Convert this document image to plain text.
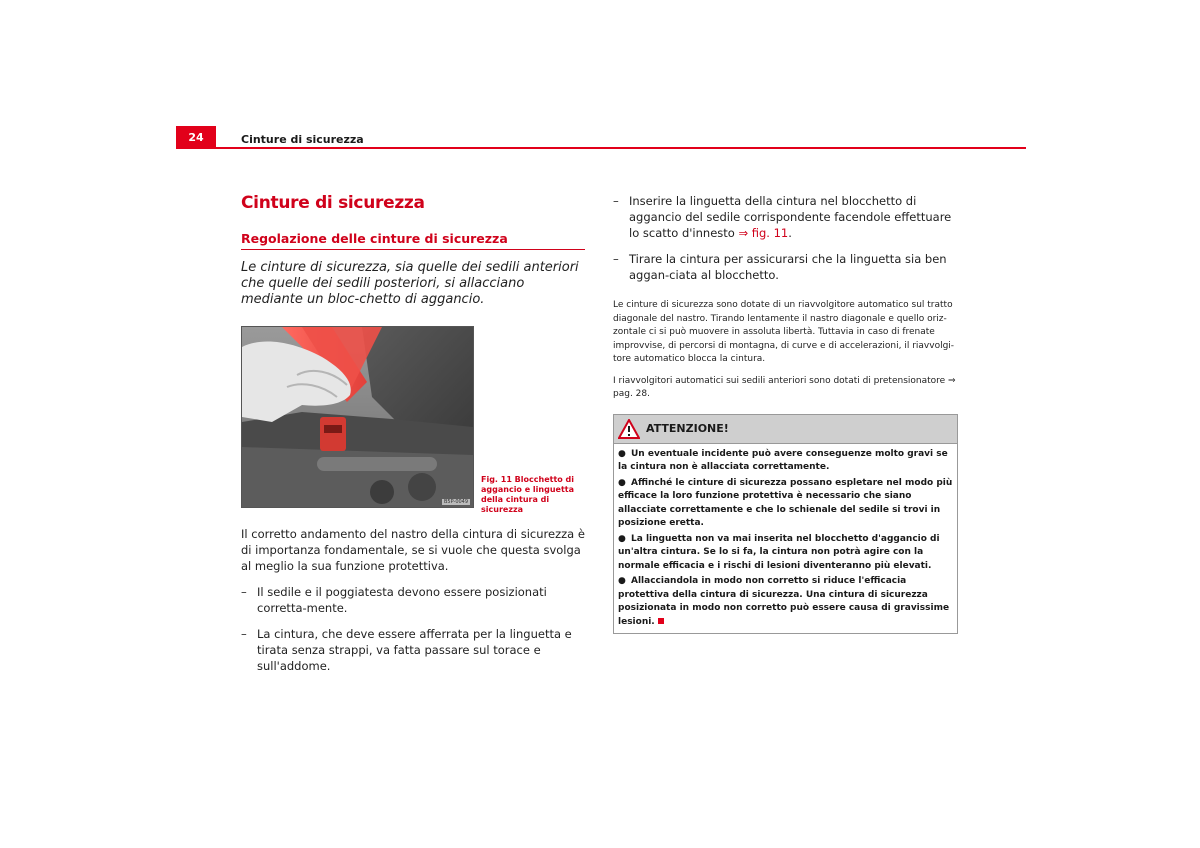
24	Cinture di sicurezza
Cinture di sicurezza
Regolazione delle cinture di sicurezza

Le cinture di sicurezza, sia quelle dei sedili anteriori che quelle dei sedili posteriori, si allacciano mediante un bloc-chetto di aggancio.

B5P-0049
Fig. 11 Blocchetto di aggancio e linguetta della cintura di sicurezza

Il corretto andamento del nastro della cintura di sicurezza è di importanza fondamentale, se si vuole che questa svolga al meglio la sua funzione protettiva.

– Il sedile e il poggiatesta devono essere posizionati corretta-mente.
– La cintura, che deve essere afferrata per la linguetta e tirata senza strappi, va fatta passare sul torace e sull'addome.
– Inserire la linguetta della cintura nel blocchetto di aggancio del sedile corrispondente facendole effettuare lo scatto d'innesto ⇒ fig. 11.
– Tirare la cintura per assicurarsi che la linguetta sia ben aggan-ciata al blocchetto.

Le cinture di sicurezza sono dotate di un riavvolgitore automatico sul tratto diagonale del nastro. Tirando lentamente il nastro diagonale e quello oriz-zontale ci si può muovere in assoluta libertà. Tuttavia in caso di frenate improvvise, di percorsi di montagna, di curve e di accelerazioni, il riavvolgi-tore automatico blocca la cintura.

I riavvolgitori automatici sui sedili anteriori sono dotati di pretensionatore ⇒ pag. 28.

ATTENZIONE!
● Un eventuale incidente può avere conseguenze molto gravi se la cintura non è allacciata correttamente.
● Affinché le cinture di sicurezza possano espletare nel modo più efficace la loro funzione protettiva è necessario che siano allacciate correttamente e che lo schienale del sedile si trovi in posizione eretta.
● La linguetta non va mai inserita nel blocchetto d'aggancio di un'altra cintura. Se lo si fa, la cintura non potrà agire con la normale efficacia e i rischi di lesioni diventeranno più elevati.
● Allacciandola in modo non corretto si riduce l'efficacia protettiva della cintura di sicurezza. Una cintura di sicurezza posizionata in modo non corretto può essere causa di gravissime lesioni.
